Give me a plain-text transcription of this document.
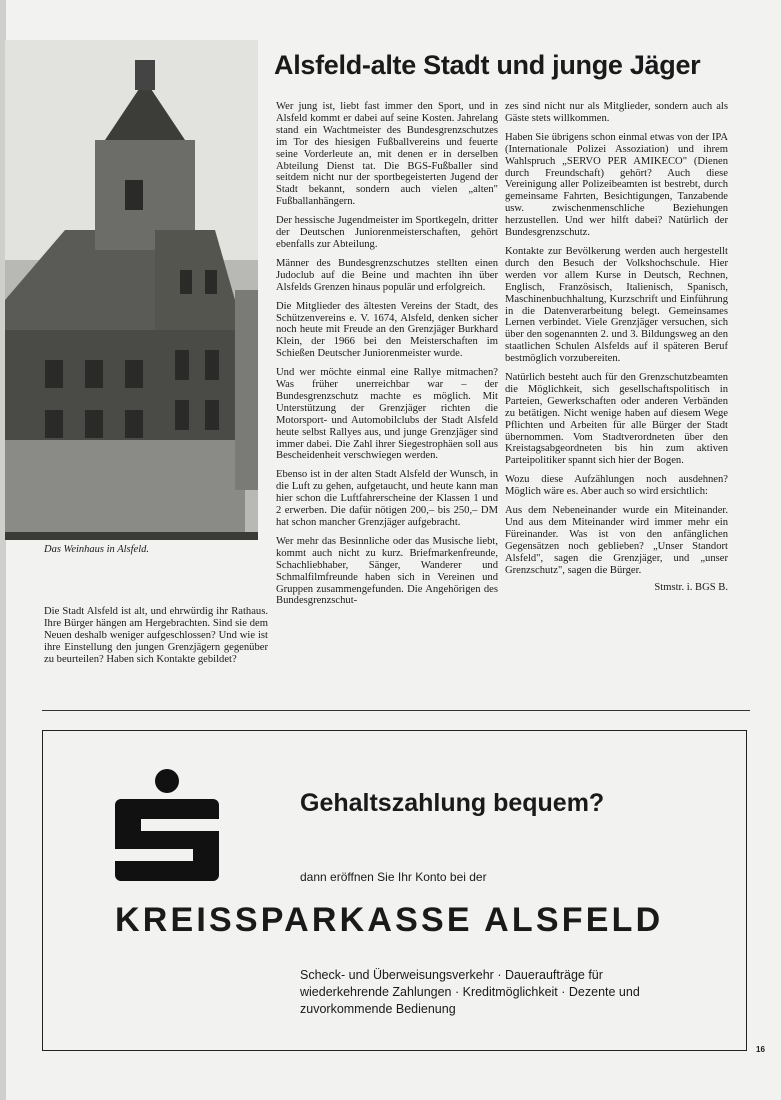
Das Weinhaus in Alsfeld.

Die Stadt Alsfeld ist alt, und ehrwürdig ihr Rathaus. Ihre Bürger hängen am Hergebrachten. Sind sie dem Neuen deshalb weniger aufgeschlossen? Und wie ist ihre Einstellung den jungen Grenzjägern gegenüber zu beurteilen? Haben sich Kontakte gebildet?

Alsfeld-alte Stadt und junge Jäger

Wer jung ist, liebt fast immer den Sport, und in Alsfeld kommt er dabei auf seine Kosten. Jahrelang stand ein Wachtmeister des Bundesgrenzschutzes im Tor des hiesigen Fußballvereins und feuerte seine Vorderleute an, mit denen er in derselben Abteilung Dienst tat. Die BGS-Fußballer sind seitdem nicht nur der sportbegeisterten Jugend der Stadt bekannt, sondern auch vielen „alten" Fußballanhängern.

Der hessische Jugendmeister im Sportkegeln, dritter der Deutschen Juniorenmeisterschaften, gehört ebenfalls zur Abteilung.

Männer des Bundesgrenzschutzes stellten einen Judoclub auf die Beine und machten ihn über Alsfelds Grenzen hinaus populär und erfolgreich.

Die Mitglieder des ältesten Vereins der Stadt, des Schützenvereins e. V. 1674, Alsfeld, denken sicher noch heute mit Freude an den Grenzjäger Burkhard Klein, der 1966 bei den Meisterschaften im Schießen Deutscher Juniorenmeister wurde.

Und wer möchte einmal eine Rallye mitmachen? Was früher unerreichbar war – der Bundesgrenzschutz machte es möglich. Mit Unterstützung der Grenzjäger richten die Motorsport- und Automobilclubs der Stadt Alsfeld heute selbst Rallyes aus, und junge Grenzjäger sind immer dabei. Die Zahl ihrer Siegestrophäen soll aus Bescheidenheit verschwiegen werden.

Ebenso ist in der alten Stadt Alsfeld der Wunsch, in die Luft zu gehen, aufgetaucht, und heute kann man hier schon die Luftfahrerscheine der Klassen 1 und 2 erwerben. Die dafür nötigen 200,– bis 250,– DM hat schon mancher Grenzjäger aufgebracht.

Wer mehr das Besinnliche oder das Musische liebt, kommt auch nicht zu kurz. Briefmarkenfreunde, Schachliebhaber, Sänger, Wanderer und Schmalfilmfreunde haben sich in Vereinen und Gruppen zusammengefunden. Die Angehörigen des Bundesgrenzschut-

zes sind nicht nur als Mitglieder, sondern auch als Gäste stets willkommen.

Haben Sie übrigens schon einmal etwas von der IPA (Internationale Polizei Assoziation) und ihrem Wahlspruch „SERVO PER AMIKECO" (Dienen durch Freundschaft) gehört? Auch diese Vereinigung aller Polizeibeamten ist bestrebt, durch gemeinsame Fahrten, Besichtigungen, Tanzabende usw. zwischenmenschliche Beziehungen herzustellen. Und wer hilft dabei? Natürlich der Bundesgrenzschutz.

Kontakte zur Bevölkerung werden auch hergestellt durch den Besuch der Volkshochschule. Hier werden vor allem Kurse in Deutsch, Rechnen, Englisch, Französisch, Italienisch, Spanisch, Maschinenbuchhaltung, Kurzschrift und Einführung in die Datenverarbeitung belegt. Gemeinsames Lernen verbindet. Viele Grenzjäger versuchen, sich über den sogenannten 2. und 3. Bildungsweg an den staatlichen Schulen Alsfelds auf il späteren Beruf bestmöglich vorzubereiten.

Natürlich besteht auch für den Grenzschutzbeamten die Möglichkeit, sich gesellschaftspolitisch in Parteien, Gewerkschaften oder anderen Verbänden zu betätigen. Nicht wenige haben auf diesem Wege Pflichten und Arbeiten für alle Bürger der Stadt übernommen. Vom Stadtverordneten über den Kreistagsabgeordneten bis hin zum aktiven Parteipolitiker spannt sich hier der Bogen.

Wozu diese Aufzählungen noch ausdehnen? Möglich wäre es. Aber auch so wird ersichtlich:

Aus dem Nebeneinander wurde ein Miteinander. Und aus dem Miteinander wird immer mehr ein Füreinander. Was ist von den anfänglichen Gegensätzen noch geblieben? „Unser Standort Alsfeld", sagen die Grenzjäger, und „unser Grenzschutz", sagen die Bürger.

Stmstr. i. BGS B.

Gehaltszahlung bequem?
dann eröffnen Sie Ihr Konto bei der
KREISSPARKASSE ALSFELD
Scheck- und Überweisungsverkehr · Daueraufträge für wiederkehrende Zahlungen · Kreditmöglichkeit · Dezente und zuvorkommende Bedienung
16
